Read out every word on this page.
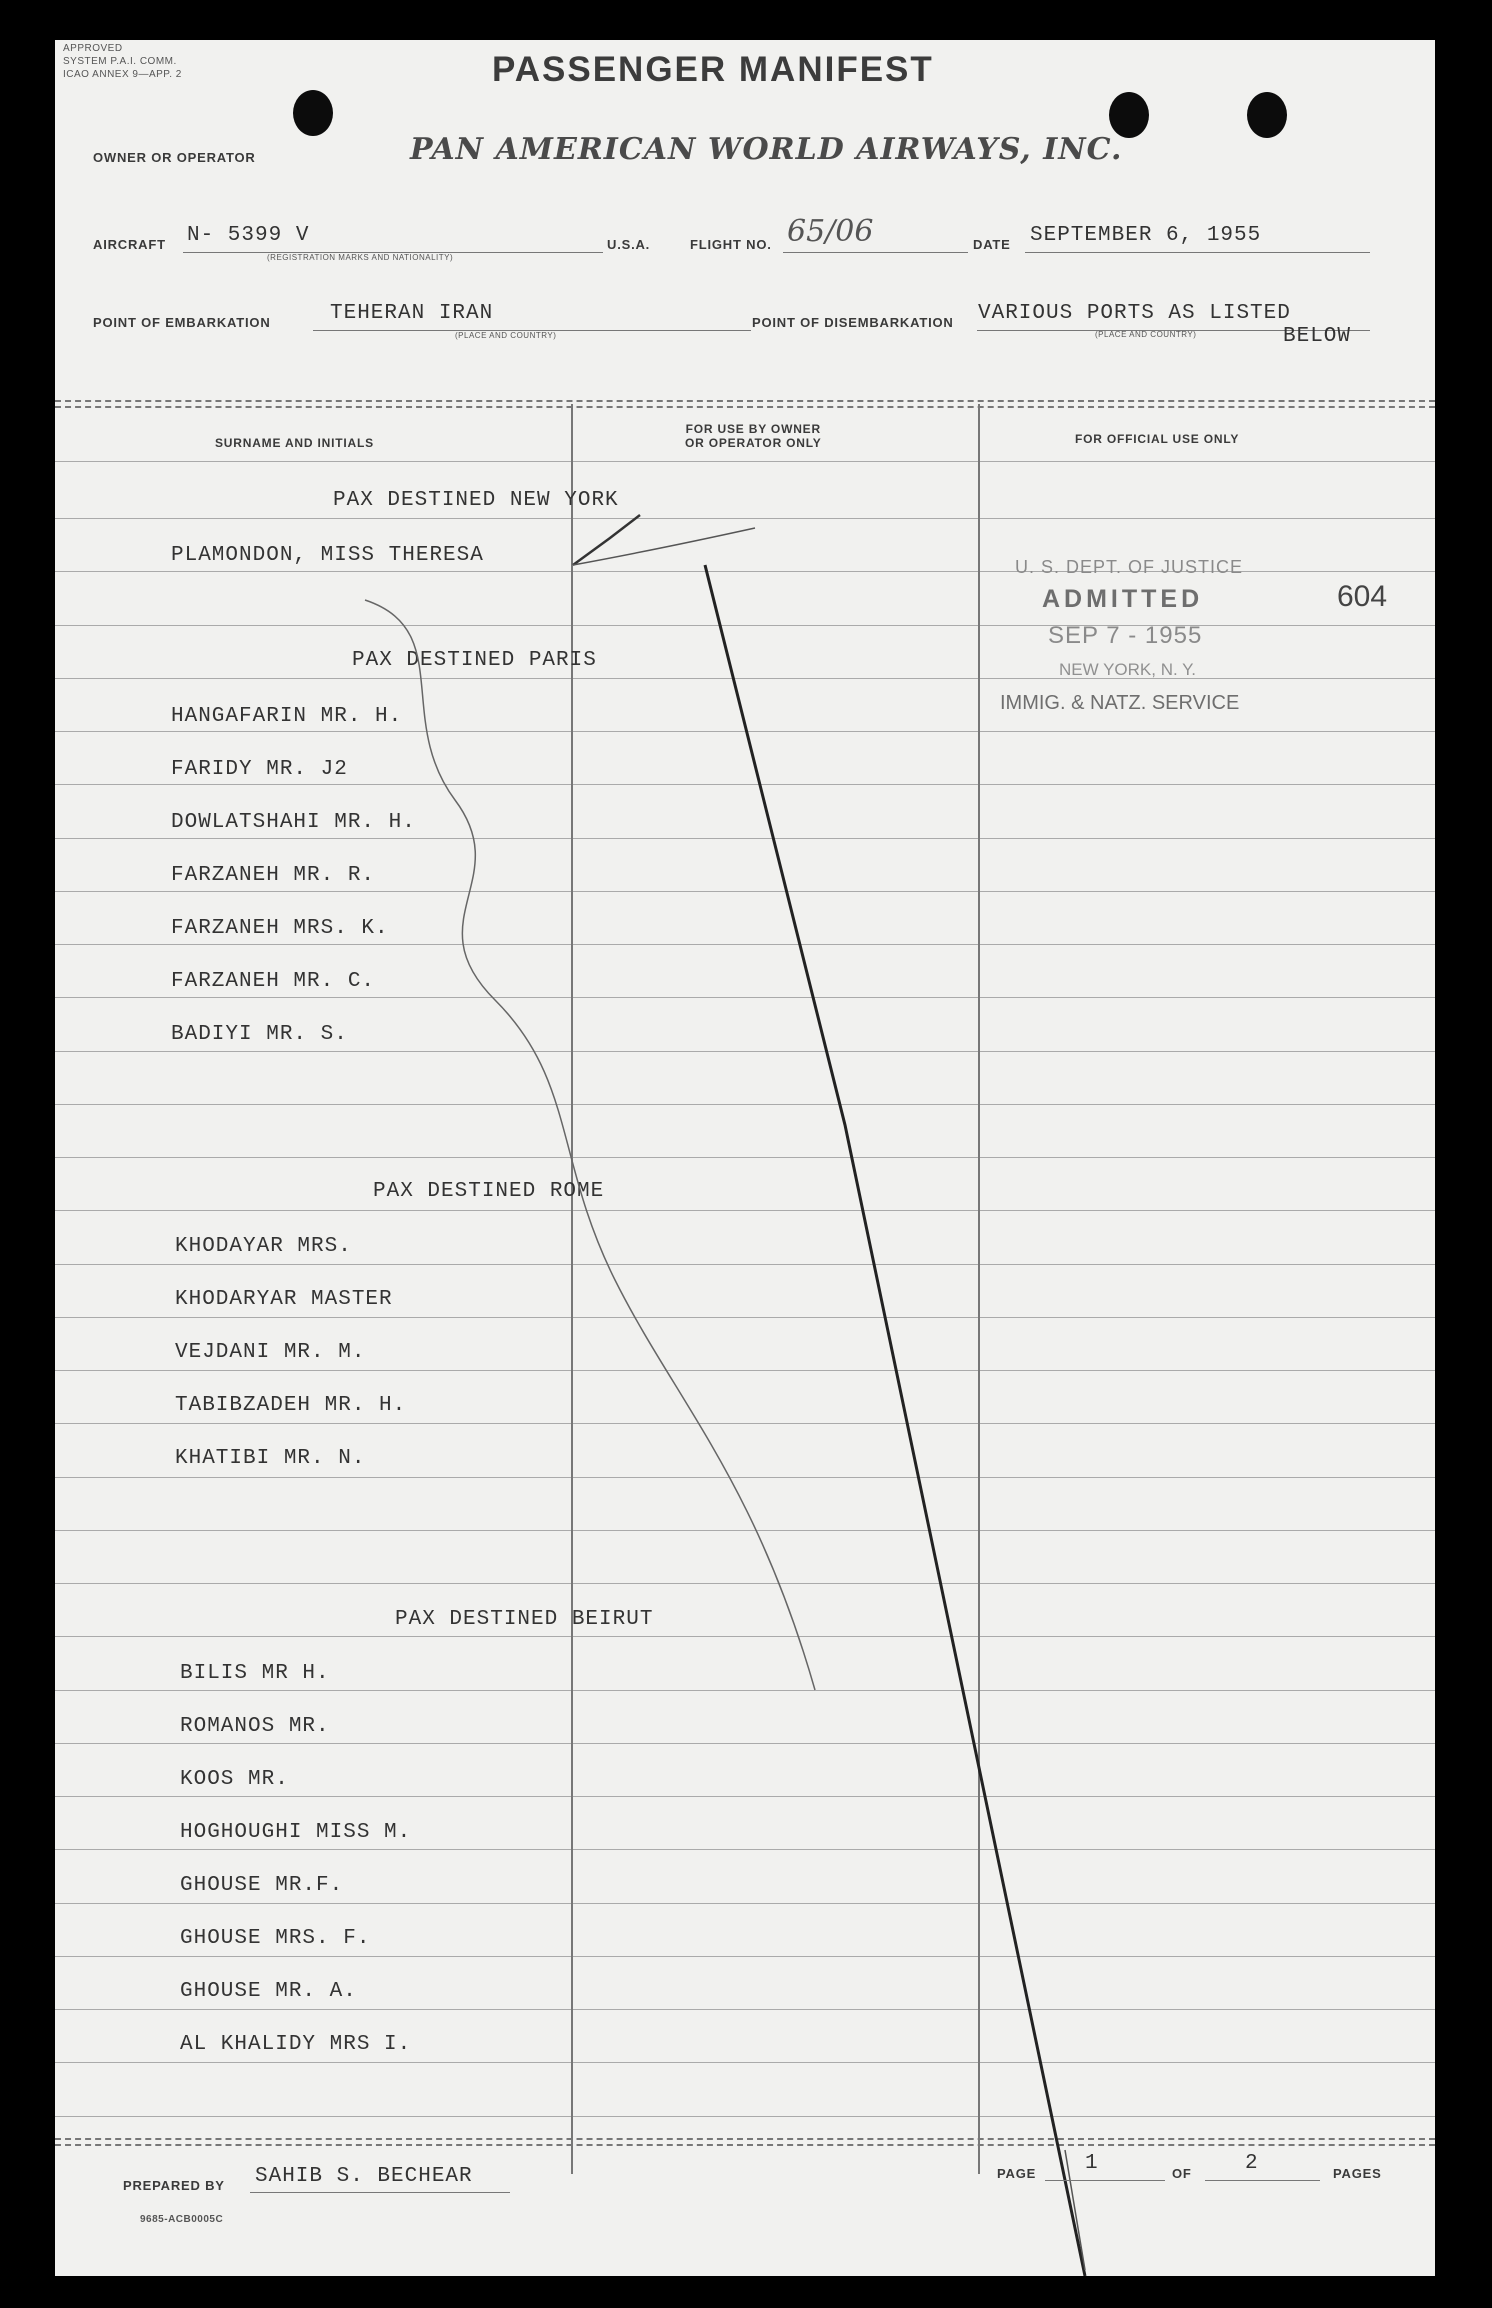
APPROVED
SYSTEM P.A.I. COMM.
ICAO ANNEX 9—APP. 2	PASSENGER MANIFEST
OWNER OR OPERATOR	PAN AMERICAN WORLD AIRWAYS, INC.
AIRCRAFT N- 5399 V
(REGISTRATION MARKS AND NATIONALITY)
U.S.A.	FLIGHT NO. 65/06	DATE SEPTEMBER 6, 1955
POINT OF EMBARKATION	TEHERAN IRAN
(PLACE AND COUNTRY)
POINT OF DISEMBARKATION VARIOUS PORTS AS LISTED
(PLACE AND COUNTRY)	BELOW
SURNAME AND INITIALS
FOR USE BY OWNER
OR OPERATOR ONLY	FOR OFFICIAL USE ONLY
PAX DESTINED NEW YORK
PLAMONDON, MISS THERESA
PAX DESTINED PARIS
HANGAFARIN MR. H.
FARIDY MR. J2
DOWLATSHAHI MR. H.
FARZANEH MR. R.
FARZANEH MRS. K.
FARZANEH MR. C.
BADIYI MR. S.
PAX DESTINED ROME
KHODAYAR MRS.
KHODARYAR MASTER
VEJDANI MR. M.
TABIBZADEH MR. H.
KHATIBI MR. N.
PAX DESTINED BEIRUT
BILIS MR H.
ROMANOS MR.
KOOS MR.
HOGHOUGHI MISS M.
GHOUSE MR.F.
GHOUSE MRS. F.
GHOUSE MR. A.
AL KHALIDY MRS I.
U. S. DEPT. OF JUSTICE
ADMITTED
SEP 7 - 1955
NEW YORK, N. Y.
IMMIG. & NATZ. SERVICE
604
PREPARED BY SAHIB S. BECHEAR	PAGE 1	OF	2	PAGES
9685-ACB0005C
